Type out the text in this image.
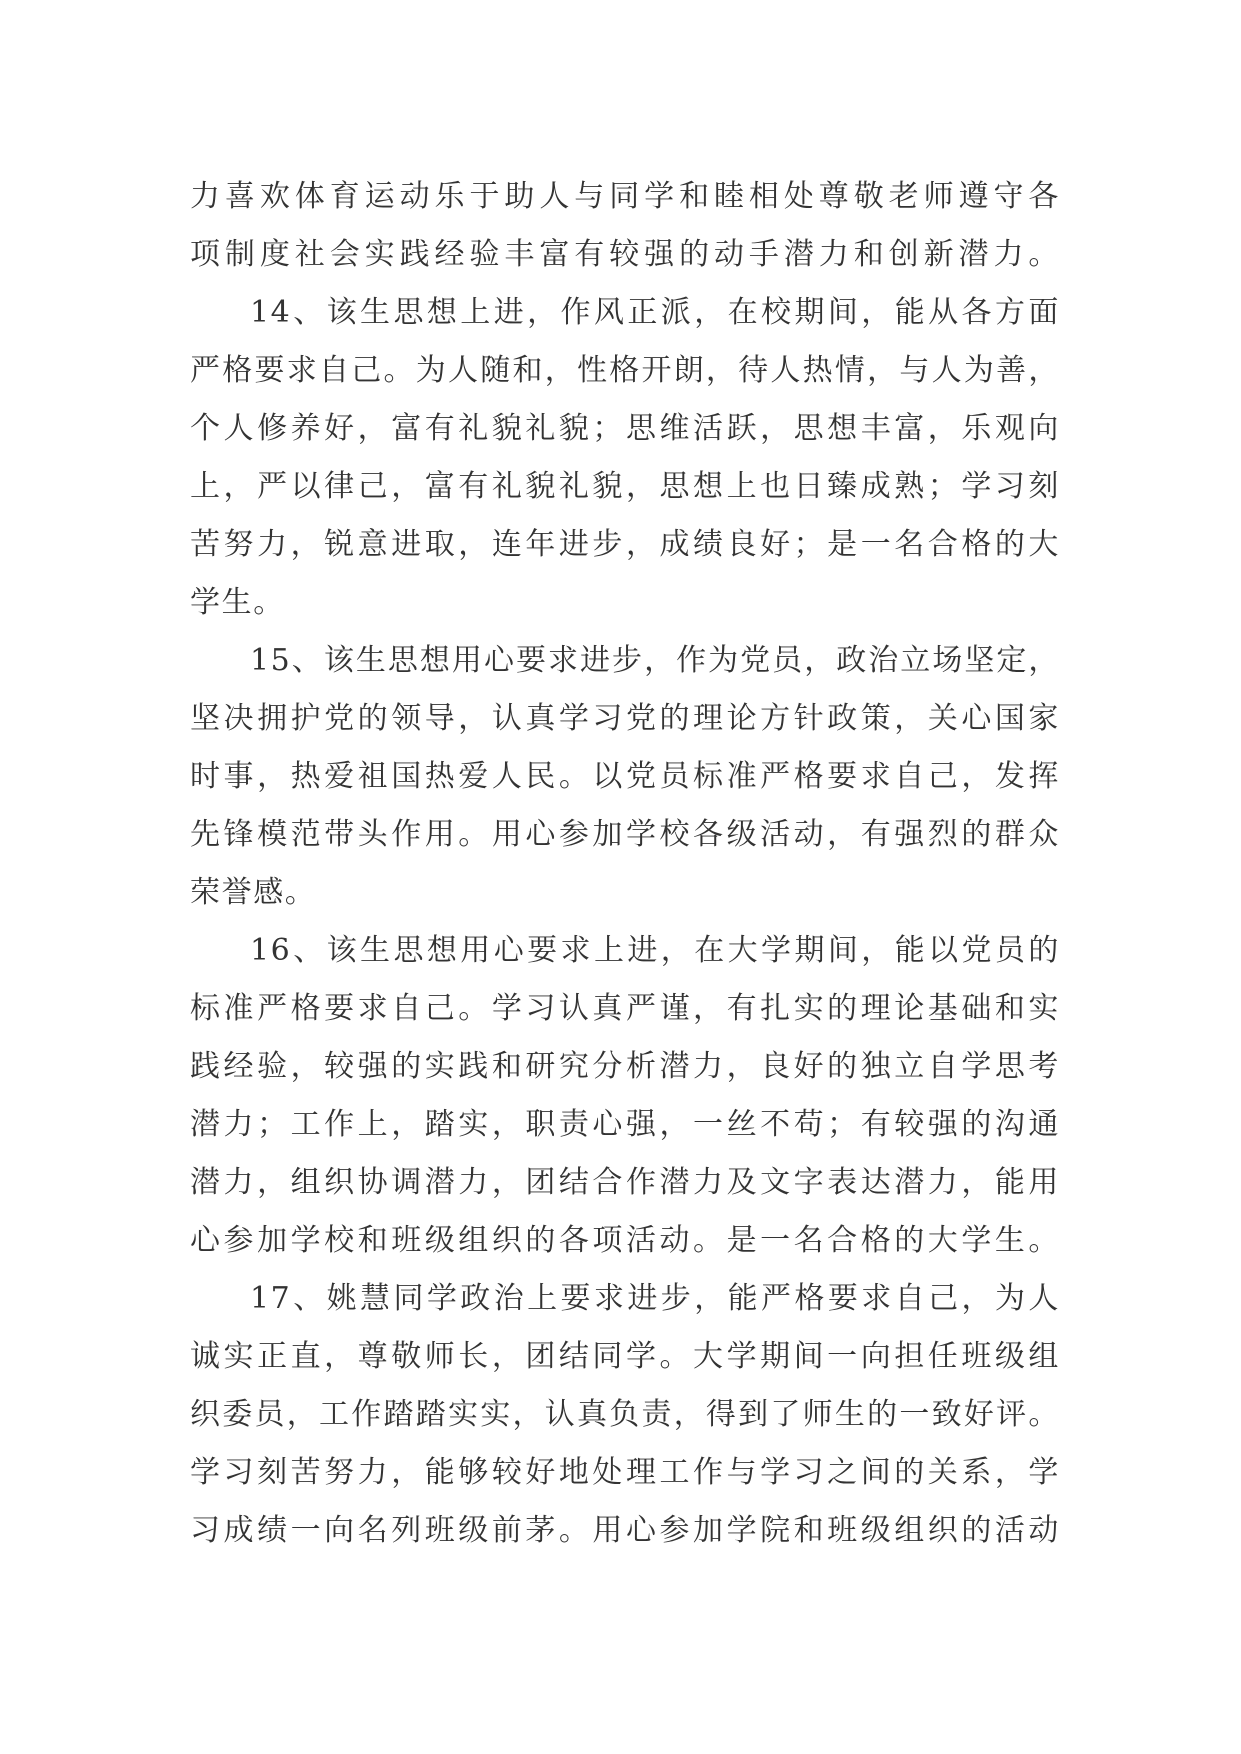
力喜欢体育运动乐于助人与同学和睦相处尊敬老师遵守各
项制度社会实践经验丰富有较强的动手潜力和创新潜力。
14、该生思想上进，作风正派，在校期间，能从各方面
严格要求自己。为人随和，性格开朗，待人热情，与人为善，
个人修养好，富有礼貌礼貌；思维活跃，思想丰富，乐观向
上，严以律己，富有礼貌礼貌，思想上也日臻成熟；学习刻
苦努力，锐意进取，连年进步，成绩良好；是一名合格的大
学生。
15、该生思想用心要求进步，作为党员，政治立场坚定，
坚决拥护党的领导，认真学习党的理论方针政策，关心国家
时事，热爱祖国热爱人民。以党员标准严格要求自己，发挥
先锋模范带头作用。用心参加学校各级活动，有强烈的群众
荣誉感。
16、该生思想用心要求上进，在大学期间，能以党员的
标准严格要求自己。学习认真严谨，有扎实的理论基础和实
践经验，较强的实践和研究分析潜力，良好的独立自学思考
潜力；工作上，踏实，职责心强，一丝不苟；有较强的沟通
潜力，组织协调潜力，团结合作潜力及文字表达潜力，能用
心参加学校和班级组织的各项活动。是一名合格的大学生。
17、姚慧同学政治上要求进步，能严格要求自己，为人
诚实正直，尊敬师长，团结同学。大学期间一向担任班级组
织委员，工作踏踏实实，认真负责，得到了师生的一致好评。
学习刻苦努力，能够较好地处理工作与学习之间的关系，学
习成绩一向名列班级前茅。用心参加学院和班级组织的活动
